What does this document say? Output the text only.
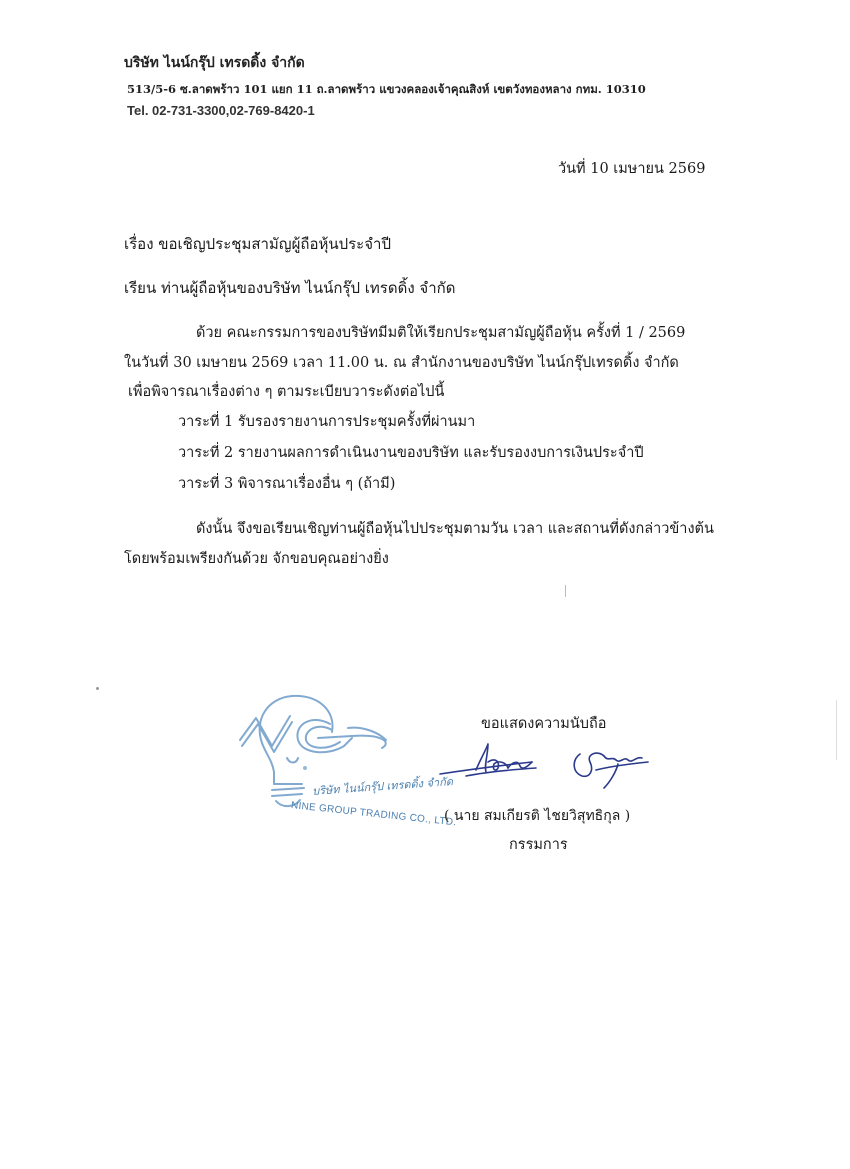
บริษัท ไนน์กรุ๊ป เทรดดิ้ง จำกัด
513/5-6 ซ.ลาดพร้าว 101 แยก 11 ถ.ลาดพร้าว แขวงคลองเจ้าคุณสิงห์ เขตวังทองหลาง กทม. 10310
Tel. 02-731-3300,02-769-8420-1
วันที่ 10 เมษายน 2569
เรื่อง ขอเชิญประชุมสามัญผู้ถือหุ้นประจำปี
เรียน ท่านผู้ถือหุ้นของบริษัท ไนน์กรุ๊ป เทรดดิ้ง จำกัด
ด้วย คณะกรรมการของบริษัทมีมติให้เรียกประชุมสามัญผู้ถือหุ้น ครั้งที่ 1 / 2569
ในวันที่ 30 เมษายน 2569 เวลา 11.00 น. ณ สำนักงานของบริษัท ไนน์กรุ๊ปเทรดดิ้ง จำกัด
เพื่อพิจารณาเรื่องต่าง ๆ ตามระเบียบวาระดังต่อไปนี้
วาระที่ 1 รับรองรายงานการประชุมครั้งที่ผ่านมา
วาระที่ 2 รายงานผลการดำเนินงานของบริษัท และรับรองงบการเงินประจำปี
วาระที่ 3 พิจารณาเรื่องอื่น ๆ (ถ้ามี)
ดังนั้น จึงขอเรียนเชิญท่านผู้ถือหุ้นไปประชุมตามวัน เวลา และสถานที่ดังกล่าวข้างต้น
โดยพร้อมเพรียงกันด้วย จักขอบคุณอย่างยิ่ง
บริษัท ไนน์กรุ๊ป เทรดดิ้ง จำกัด
NINE GROUP TRADING CO., LTD.
ขอแสดงความนับถือ
( นาย สมเกียรติ ไชยวิสุทธิกุล )
กรรมการ
